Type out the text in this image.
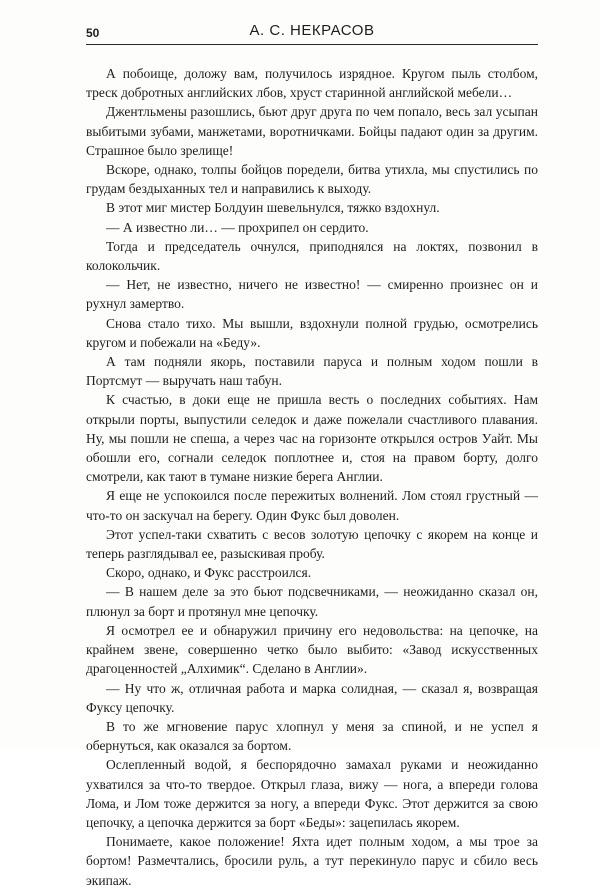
50	А. С. НЕКРАСОВ

А побоище, доложу вам, получилось изрядное. Кругом пыль столбом, треск добротных английских лбов, хруст старинной английской мебели…

Джентльмены разошлись, бьют друг друга по чем попало, весь зал усыпан выбитыми зубами, манжетами, воротничками. Бойцы падают один за другим. Страшное было зрелище!

Вскоре, однако, толпы бойцов поредели, битва утихла, мы спустились по грудам бездыханных тел и направились к выходу.

В этот миг мистер Болдуин шевельнулся, тяжко вздохнул.

— А известно ли… — прохрипел он сердито.

Тогда и председатель очнулся, приподнялся на локтях, позвонил в колокольчик.

— Нет, не известно, ничего не известно! — смиренно произнес он и рухнул замертво.

Снова стало тихо. Мы вышли, вздохнули полной грудью, осмотрелись кругом и побежали на «Беду».

А там подняли якорь, поставили паруса и полным ходом пошли в Портсмут — выручать наш табун.

К счастью, в доки еще не пришла весть о последних событиях. Нам открыли порты, выпустили селедок и даже пожелали счастливого плавания. Ну, мы пошли не спеша, а через час на горизонте открылся остров Уайт. Мы обошли его, согнали селедок поплотнее и, стоя на правом борту, долго смотрели, как тают в тумане низкие берега Англии.

Я еще не успокоился после пережитых волнений. Лом стоял грустный — что-то он заскучал на берегу. Один Фукс был доволен.

Этот успел-таки схватить с весов золотую цепочку с якорем на конце и теперь разглядывал ее, разыскивая пробу.

Скоро, однако, и Фукс расстроился.

— В нашем деле за это бьют подсвечниками, — неожиданно сказал он, плюнул за борт и протянул мне цепочку.

Я осмотрел ее и обнаружил причину его недовольства: на цепочке, на крайнем звене, совершенно четко было выбито: «Завод искусственных драгоценностей „Алхимик“. Сделано в Англии».

— Ну что ж, отличная работа и марка солидная, — сказал я, возвращая Фуксу цепочку.

В то же мгновение парус хлопнул у меня за спиной, и не успел я обернуться, как оказался за бортом.

Ослепленный водой, я беспорядочно замахал руками и неожиданно ухватился за что-то твердое. Открыл глаза, вижу — нога, а впереди голова Лома, и Лом тоже держится за ногу, а впереди Фукс. Этот держится за свою цепочку, а цепочка держится за борт «Беды»: зацепилась якорем.

Понимаете, какое положение! Яхта идет полным ходом, а мы трое за бортом! Размечтались, бросили руль, а тут перекинуло парус и сбило весь экипаж.
